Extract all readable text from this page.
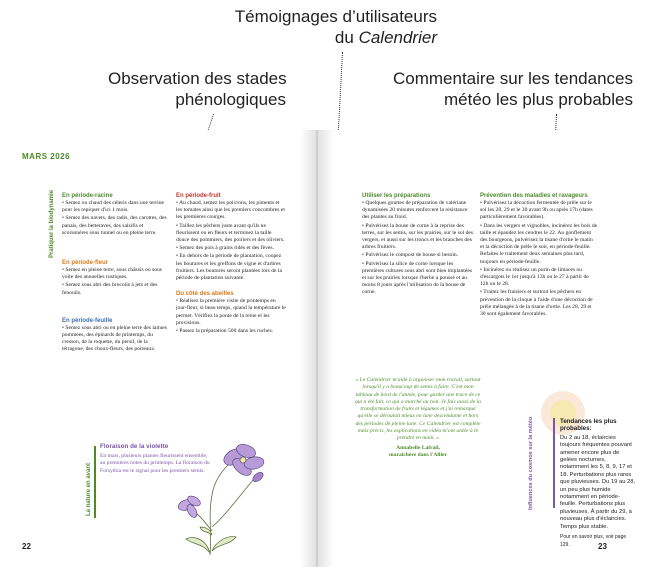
Témoignages d’utilisateurs
du Calendrier
Observation des stades
phénologiques
Commentaire sur les tendances
météo les plus probables
MARS 2026
Pratiquer la biodynamie En période-racine

• Semez ou chaud des céleris dans une terrine pour les repiquer d'ici 1 mois.

• Semez des navets, des radis, des carottes, des panais, des betteraves, des salsifis et scorsonères sous tunnel ou en pleine terre.

En période-fleur

• Semez en pleine terre, sous châssis ou sous voile des annuelles rustiques.

• Semez sous abri des brocolis à jets et des fenouils.

En période-feuille

• Semez sous abri ou en pleine terre des laitues pommées, des épinards de printemps, du cresson, de la roquette, du persil, de la tétragone, des choux-fleurs, des poireaux.

En période-fruit

• Au chaud, semez les poivrons, les piments et les tomates ainsi que les premiers concombres et les premières courges.

• Taillez les pêchers juste avant qu'ils ne fleurissent ou en fleurs et terminez la taille douce des pommiers, des poiriers et des oliviers.

• Semez des pois à grains ridés et des fèves.

• En dehors de la période de plantation, coupez les boutures et les greffons de vigne et d'arbres fruitiers. Les boutures seront plantées lors de la période de plantation suivante.

Du côté des abeilles

• Réalisez la première visite de printemps en jour-fleur, si beau temps, quand la température le permet. Vérifiez la ponte de la reine et les provisions.

• Passez la préparation 500 dans les ruches.

La nature en avant
Floraison de la violette
En mars, plusieurs plantes fleurissent ensemble, au premières notes du printemps. La floraison du Forsythia est le signal pour les premiers semis.
22
Utiliser les préparations

• Quelques gouttes de préparation de valériane dynamisées 20 minutes renforcent la résistance des plantes au froid.

• Pulvérisez la bouse de corne à la reprise des terres, sur les semis, sur les prairies, sur le sol des vergers, et aussi sur les troncs et les branches des arbres fruitiers.

• Pulvérisez le compost de bouse si besoin.

• Pulvérisez la silice de corne lorsque les premières cultures sous abri sont bien implantées et sur les prairies lorsque l'herbe a poussé et au moins 8 jours après l'utilisation de la bouse de corne.

Prévention des maladies et ravageurs

• Pulvérisez la décoction fermentée de prêle sur le sol les 28, 29 et le 30 avant 9h ou après 17h (dates particulièrement favorables).

• Dans les vergers et vignobles, incinérez les bois de taille et épandez les cendres le 22. Au gonflement des bourgeons, pulvérisez la tisane d'ortie le matin et la décoction de prêle le soir, en période-feuille. Refaites le traitement deux semaines plus tard, toujours en période-feuille.

• Incinérez ou réalisez un purin de limaces ou d'escargots le 1er jusqu'à 13h ou le 27 à partir de 12h ou le 28.

• Traitez les fraisiers et surtout les pêchers en prévention de la cloque à l'aide d'une décoction de prêle mélangée à de la tisane d'ortie. Les 28, 29 et 30 sont également favorables.

« Le Calendrier m'aide à organiser mon travail, surtout lorsqu'il y a beaucoup de semis à faire. C'est mon tableau de bord de l'année, pour garder une trace de ce qui a été fait, ce qui a marché ou non. Je fais aussi de la transformation de fruits et légumes et j'ai remarqué qu'elle se déroulait mieux en lune descendante et hors des périodes de pleine lune. Ce Calendrier est complète mais précis, les explications en vidéo m'ont aidée à le prendre en main. »
Annabelle Lafrail,
maraîchère dans l'Allier	Influences du cosmos sur la météo	Tendances les plus probables:
Du 2 au 18, éclaircies toujours fréquentes pouvant amener encore plus de gelées nocturnes, notamment les 5, 8, 9, 17 et 18. Perturbations plus rares que pluvieuses. Du 19 au 28, un peu plus humide notamment en période-feuille. Perturbations plus pluvieuses. À partir du 29, à nouveau plus d'éclaircies. Temps plus stable.
Pour en savoir plus, voir page 129.	23
